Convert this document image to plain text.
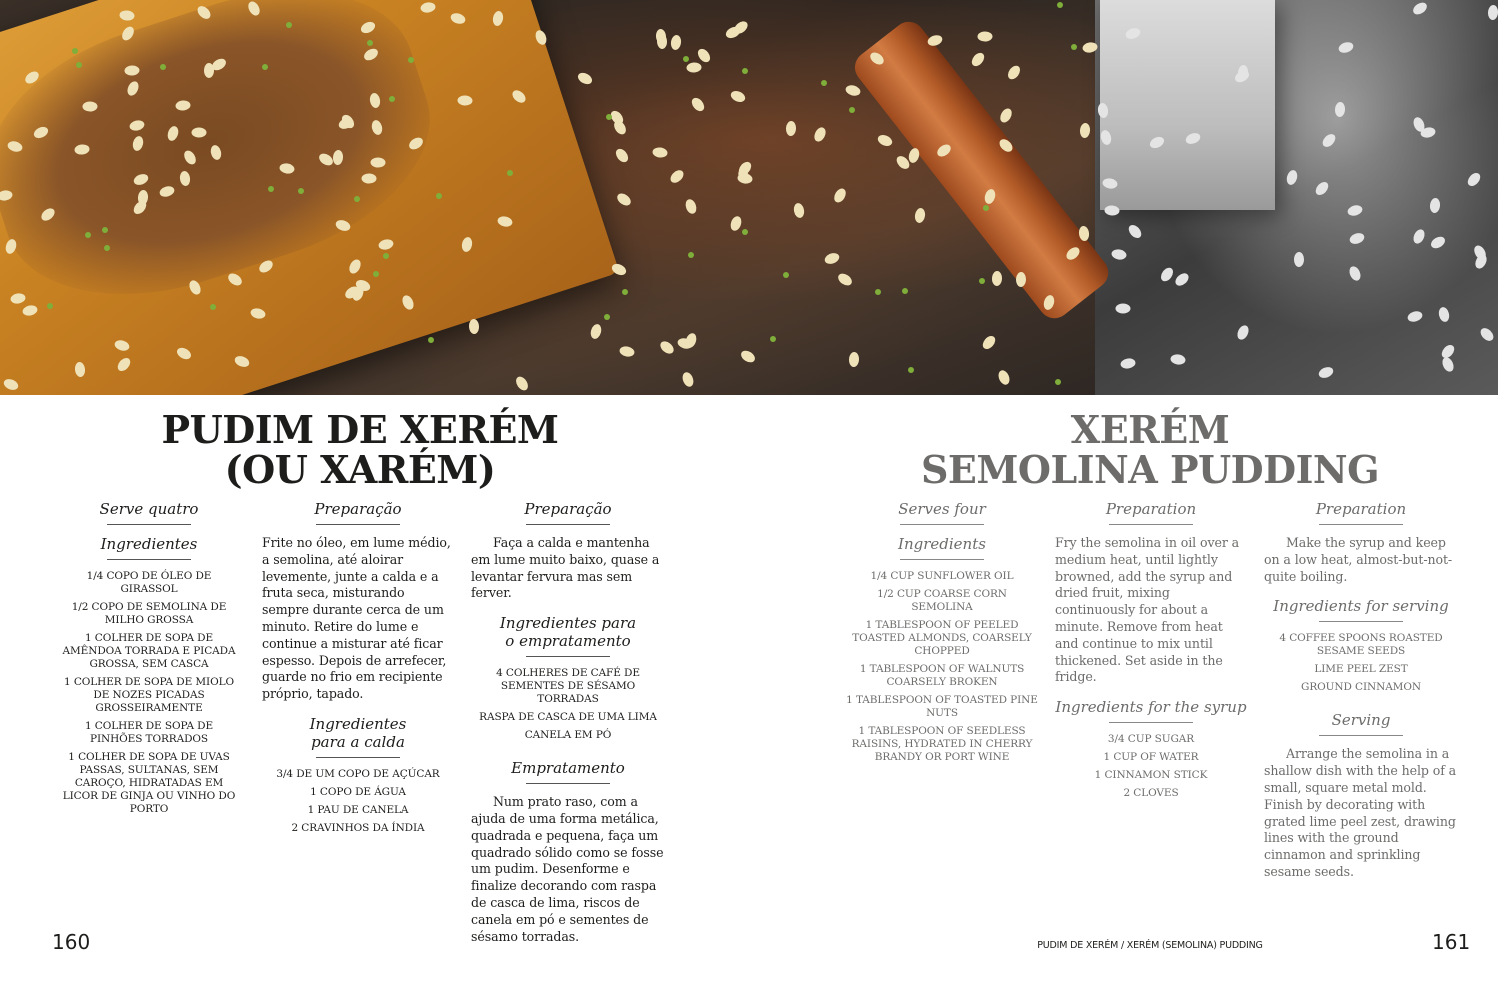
PUDIM DE XERÉM
(OU XARÉM)
XERÉM
SEMOLINA PUDDING
Serve quatro
Ingredientes
1/4 COPO DE ÓLEO DE GIRASSOL
1/2 COPO DE SEMOLINA DE MILHO GROSSA
1 COLHER DE SOPA DE AMÊNDOA TORRADA E PICADA GROSSA, SEM CASCA
1 COLHER DE SOPA DE MIOLO DE NOZES PICADAS GROSSEIRAMENTE
1 COLHER DE SOPA DE PINHÕES TORRADOS
1 COLHER DE SOPA DE UVAS PASSAS, SULTANAS, SEM CAROÇO, HIDRATADAS EM LICOR DE GINJA OU VINHO DO PORTO
Preparação

Frite no óleo, em lume médio, a semolina, até aloirar levemente, junte a calda e a fruta seca, misturando sempre durante cerca de um minuto. Retire do lume e continue a misturar até ficar espesso. Depois de arrefecer, guarde no frio em recipiente próprio, tapado.

Ingredientes
para a calda
3/4 DE UM COPO DE AÇÚCAR
1 COPO DE ÁGUA
1 PAU DE CANELA
2 CRAVINHOS DA ÍNDIA
Preparação

Faça a calda e mantenha em lume muito baixo, quase a levantar fervura mas sem ferver.

Ingredientes para
o empratamento
4 COLHERES DE CAFÉ DE SEMENTES DE SÉSAMO TORRADAS
RASPA DE CASCA DE UMA LIMA
CANELA EM PÓ
Empratamento

Num prato raso, com a ajuda de uma forma metálica, quadrada e pequena, faça um quadrado sólido como se fosse um pudim. Desenforme e finalize decorando com raspa de casca de lima, riscos de canela em pó e sementes de sésamo torradas.

Serves four
Ingredients
1/4 CUP SUNFLOWER OIL
1/2 CUP COARSE CORN SEMOLINA
1 TABLESPOON OF PEELED TOASTED ALMONDS, COARSELY CHOPPED
1 TABLESPOON OF WALNUTS COARSELY BROKEN
1 TABLESPOON OF TOASTED PINE NUTS
1 TABLESPOON OF SEEDLESS RAISINS, HYDRATED IN CHERRY BRANDY OR PORT WINE
Preparation

Fry the semolina in oil over a medium heat, until lightly browned, add the syrup and dried fruit, mixing continuously for about a minute. Remove from heat and continue to mix until thickened. Set aside in the fridge.

Ingredients for the syrup
3/4 CUP SUGAR
1 CUP OF WATER
1 CINNAMON STICK
2 CLOVES
Preparation

Make the syrup and keep on a low heat, almost-but-not-quite boiling.

Ingredients for serving
4 COFFEE SPOONS ROASTED SESAME SEEDS
LIME PEEL ZEST
GROUND CINNAMON
Serving

Arrange the semolina in a shallow dish with the help of a small, square metal mold. Finish by decorating with grated lime peel zest, drawing lines with the ground cinnamon and sprinkling sesame seeds.

160	PUDIM DE XERÉM / XERÉM (SEMOLINA) PUDDING	161
